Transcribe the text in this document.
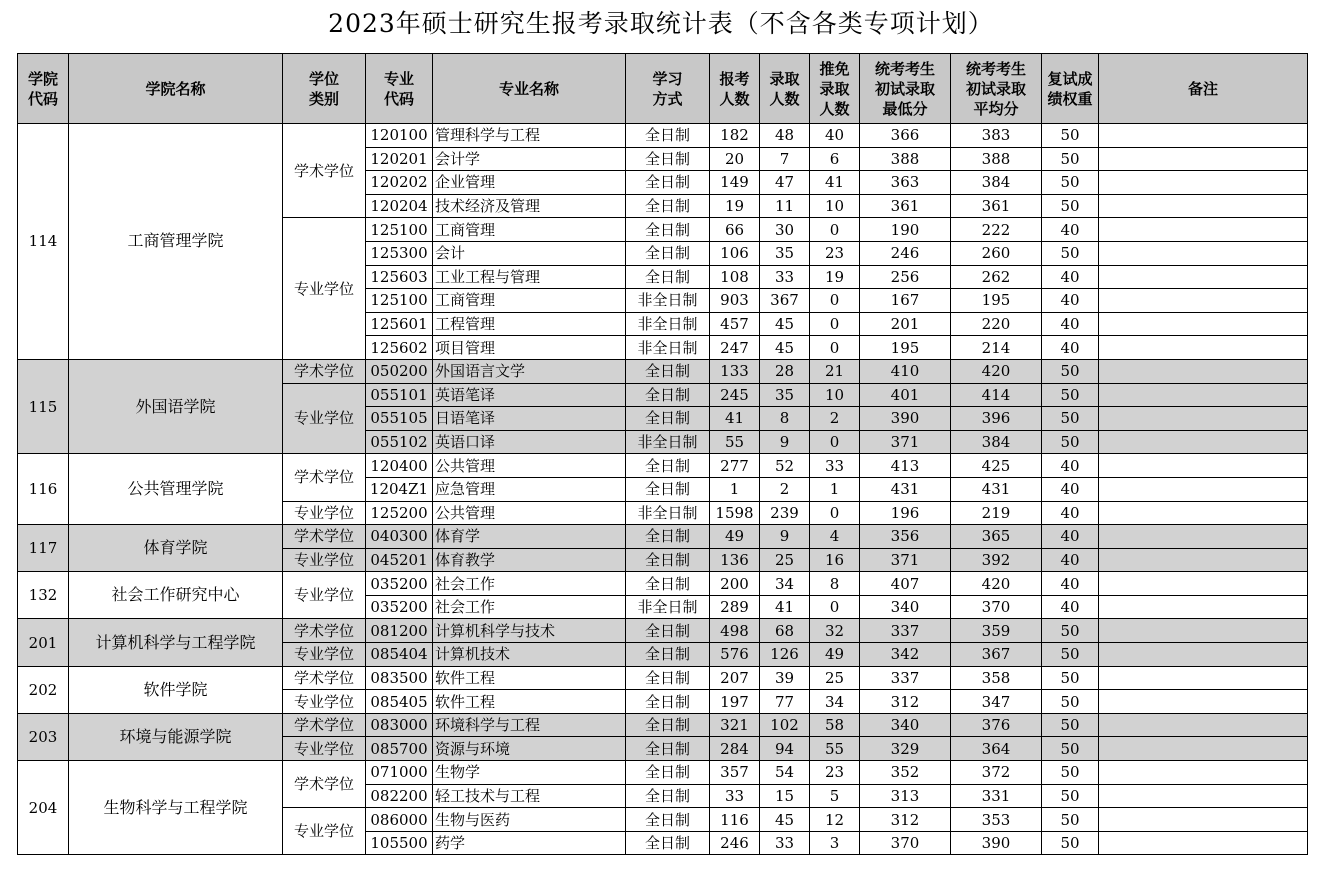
2023年硕士研究生报考录取统计表（不含各类专项计划）
学院代码	学院名称	学位类别	专业代码	专业名称	学习方式	报考人数	录取人数	推免录取人数	统考考生初试录取最低分	统考考生初试录取平均分	复试成绩权重	备注
114	工商管理学院	学术学位	120100	管理科学与工程	全日制	182	48	40	366	383	50	
			120201	会计学	全日制	20	7	6	388	388	50	
			120202	企业管理	全日制	149	47	41	363	384	50	
			120204	技术经济及管理	全日制	19	11	10	361	361	50	
		专业学位	125100	工商管理	全日制	66	30	0	190	222	40	
			125300	会计	全日制	106	35	23	246	260	50	
			125603	工业工程与管理	全日制	108	33	19	256	262	40	
			125100	工商管理	非全日制	903	367	0	167	195	40	
			125601	工程管理	非全日制	457	45	0	201	220	40	
			125602	项目管理	非全日制	247	45	0	195	214	40	
115	外国语学院	学术学位	050200	外国语言文学	全日制	133	28	21	410	420	50	
		专业学位	055101	英语笔译	全日制	245	35	10	401	414	50	
			055105	日语笔译	全日制	41	8	2	390	396	50	
			055102	英语口译	非全日制	55	9	0	371	384	50	
116	公共管理学院	学术学位	120400	公共管理	全日制	277	52	33	413	425	40	
			1204Z1	应急管理	全日制	1	2	1	431	431	40	
		专业学位	125200	公共管理	非全日制	1598	239	0	196	219	40	
117	体育学院	学术学位	040300	体育学	全日制	49	9	4	356	365	40	
		专业学位	045201	体育教学	全日制	136	25	16	371	392	40	
132	社会工作研究中心	专业学位	035200	社会工作	全日制	200	34	8	407	420	40	
			035200	社会工作	非全日制	289	41	0	340	370	40	
201	计算机科学与工程学院	学术学位	081200	计算机科学与技术	全日制	498	68	32	337	359	50	
		专业学位	085404	计算机技术	全日制	576	126	49	342	367	50	
202	软件学院	学术学位	083500	软件工程	全日制	207	39	25	337	358	50	
		专业学位	085405	软件工程	全日制	197	77	34	312	347	50	
203	环境与能源学院	学术学位	083000	环境科学与工程	全日制	321	102	58	340	376	50	
		专业学位	085700	资源与环境	全日制	284	94	55	329	364	50	
204	生物科学与工程学院	学术学位	071000	生物学	全日制	357	54	23	352	372	50	
			082200	轻工技术与工程	全日制	33	15	5	313	331	50	
		专业学位	086000	生物与医药	全日制	116	45	12	312	353	50	
			105500	药学	全日制	246	33	3	370	390	50	
